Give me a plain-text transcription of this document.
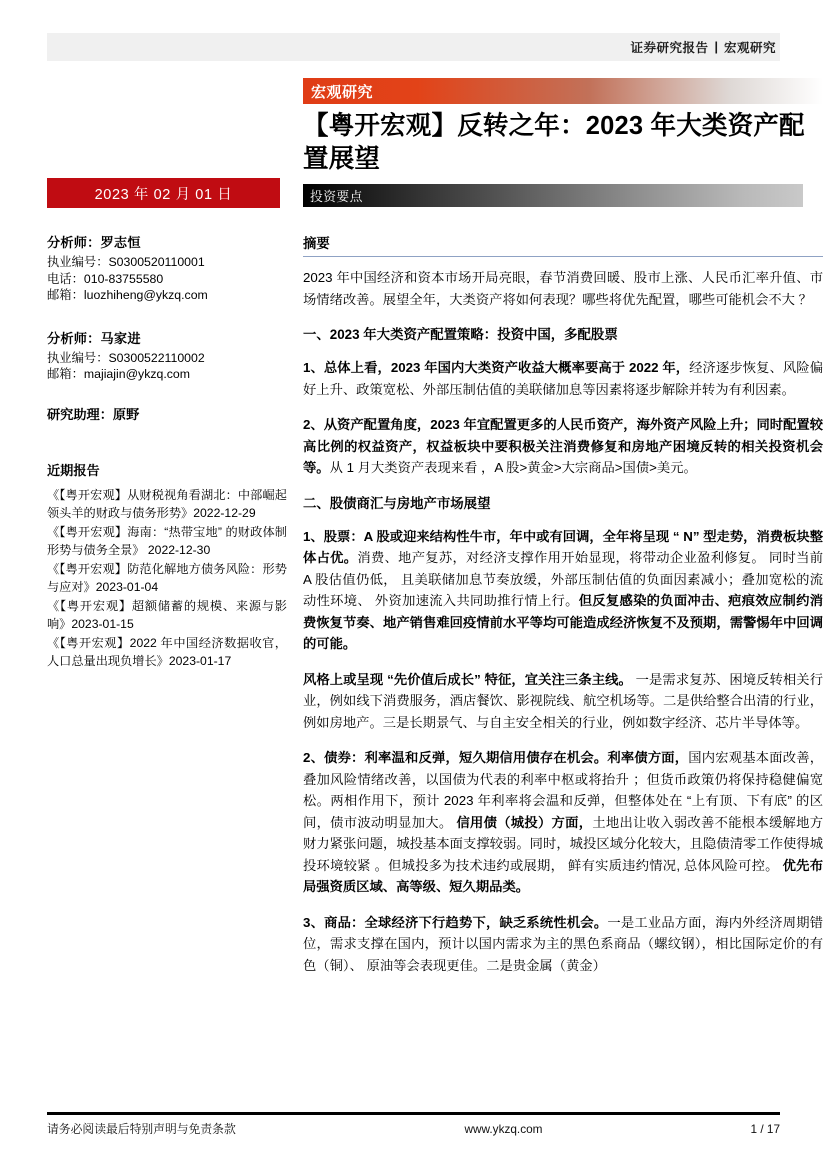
证券研究报告 | 宏观研究
2023 年 02 月 01 日
分析师：罗志恒
执业编号：S0300520110001
电话：010-83755580
邮箱：luozhiheng@ykzq.com
分析师：马家进
执业编号：S0300522110002
邮箱：majiajin@ykzq.com
研究助理：原野
近期报告
《【粤开宏观】从财税视角看湖北：中部崛起领头羊的财政与债务形势》2022-12-29
《【粤开宏观】海南：“热带宝地” 的财政体制 形势与债务全景》 2022-12-30
《【粤开宏观】防范化解地方债务风险：形势与应对》2023-01-04
《【粤开宏观】超额储蓄的规模、来源与影响》2023-01-15
《【粤开宏观】2022 年中国经济数据收官，人口总量出现负增长》2023-01-17
宏观研究
【粤开宏观】反转之年：2023 年大类资产配置展望
投资要点
摘要

2023 年中国经济和资本市场开局亮眼，春节消费回暖、股市上涨、人民币汇率升值、市场情绪改善。展望全年，大类资产将如何表现？哪些将优先配置，哪些可能机会不大 ？

一、2023 年大类资产配置策略：投资中国，多配股票

1、总体上看，2023 年国内大类资产收益大概率要高于 2022 年，经济逐步恢复、风险偏好上升、政策宽松、外部压制估值的美联储加息等因素将逐步解除并转为有利因素。

2、从资产配置角度，2023 年宜配置更多的人民币资产，海外资产风险上升；同时配置较高比例的权益资产，权益板块中要积极关注消费修复和房地产困境反转的相关投资机会等。从 1 月大类资产表现来看 ，A 股>黄金>大宗商品>国债>美元。

二、股债商汇与房地产市场展望

1、股票：A 股或迎来结构性牛市，年中或有回调，全年将呈现 “ N” 型走势，消费板块整体占优。消费、地产复苏，对经济支撑作用开始显现，将带动企业盈利修复。 同时当前 A 股估值仍低， 且美联储加息节奏放缓，外部压制估值的负面因素减小；叠加宽松的流动性环境、 外资加速流入共同助推行情上行。但反复感染的负面冲击、疤痕效应制约消费恢复节奏、地产销售难回疫情前水平等均可能造成经济恢复不及预期，需警惕年中回调的可能。

风格上或呈现 “先价值后成长” 特征，宜关注三条主线。 一是需求复苏、困境反转相关行业，例如线下消费服务，酒店餐饮、影视院线、航空机场等。二是供给整合出清的行业，例如房地产。三是长期景气、与自主安全相关的行业，例如数字经济、芯片半导体等。

2、债券：利率温和反弹，短久期信用债存在机会。利率债方面，国内宏观基本面改善，叠加风险情绪改善，以国债为代表的利率中枢或将抬升 ；但货币政策仍将保持稳健偏宽松。两相作用下，预计 2023 年利率将会温和反弹，但整体处在 “上有顶、下有底” 的区间，债市波动明显加大。 信用债（城投）方面，土地出让收入弱改善不能根本缓解地方财力紧张问题，城投基本面支撑较弱。同时，城投区域分化较大，且隐债清零工作使得城投环境较紧 。但城投多为技术违约或展期， 鲜有实质违约情况, 总体风险可控。 优先布局强资质区域、高等级、短久期品类。

3、商品：全球经济下行趋势下，缺乏系统性机会。一是工业品方面，海内外经济周期错位，需求支撑在国内，预计以国内需求为主的黑色系商品（螺纹钢），相比国际定价的有色（铜）、 原油等会表现更佳。二是贵金属（黄金）

请务必阅读最后特别声明与免责条款	www.ykzq.com	1 / 17
